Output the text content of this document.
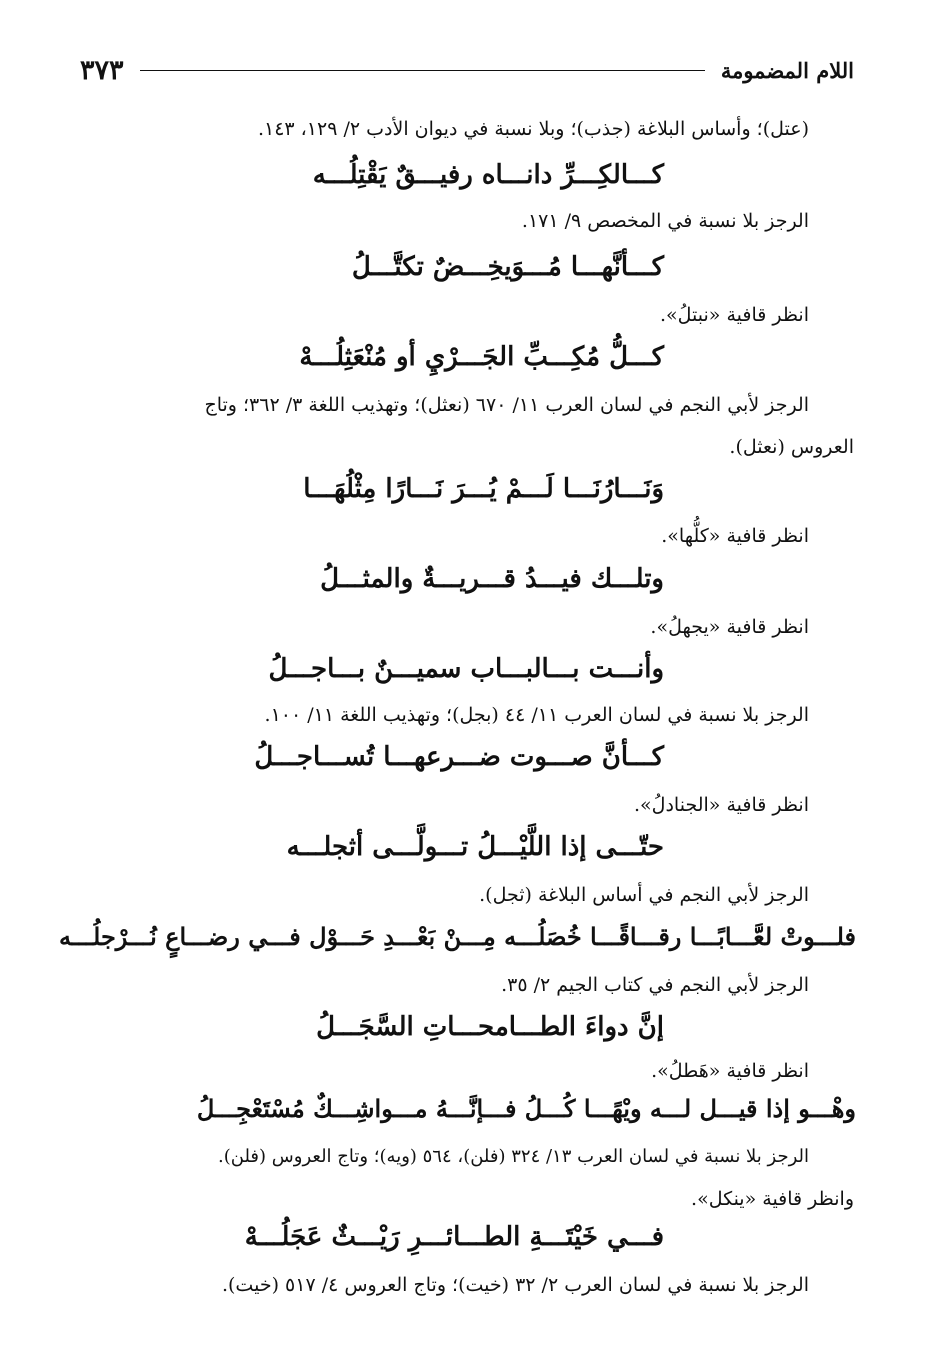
اللام المضمومة
٣٧٣
(عتل)؛ وأساس البلاغة (جذب)؛ وبلا نسبة في ديوان الأدب ٢/ ١٢٩، ١٤٣.
كـــالكِـــرِّ دانـــاه رفيـــقٌ يَقْتِلُـــه
الرجز بلا نسبة في المخصص ٩/ ١٧١.
كـــأنَّهـــا مُـــوَيخِـــضٌ تكتَّـــلُ
انظر قافية «نبتلُ».
كـــلُّ مُكِـــبِّ الجَـــرْيِ أو مُنْعَثِلُـــهْ
الرجز لأبي النجم في لسان العرب ١١/ ٦٧٠ (نعثل)؛ وتهذيب اللغة ٣/ ٣٦٢؛ وتاج
العروس (نعثل).
وَنَـــارُنَـــا لَـــمْ يُـــرَ نَـــارًا مِثْلُهَـــا
انظر قافية «كلُّها».
وتلـــك فيـــدُ قـــريـــةٌ والمثـــلُ
انظر قافية «يجهلُ».
وأنـــت بـــالبـــاب سميـــنٌ بـــاجـــلُ
الرجز بلا نسبة في لسان العرب ١١/ ٤٤ (بجل)؛ وتهذيب اللغة ١١/ ١٠٠.
كـــأنَّ صـــوت ضـــرعهـــا تُســـاجـــلُ
انظر قافية «الجنادلُ».
حتّـــى إذا اللَّيْـــلُ تـــولَّـــى أثجلـــه
الرجز لأبي النجم في أساس البلاغة (ثجل).
فلـــوتْ لعَّـــابًـــا رقـــاقًـــا خُصَلُـــه مِـــنْ بَعْـــدِ حَـــوْل فـــي رضـــاعٍ نُـــرْجلُـــه
الرجز لأبي النجم في كتاب الجيم ٢/ ٣٥.
إنَّ دواءَ الطـــامحـــاتِ السَّجَـــلُ
انظر قافية «هَطلُ».
وهْـــو إذا قيـــل لـــه ويْهًـــا كُـــلُ فـــإنَّـــهُ مـــواشِـــكٌ مُسْتَعْجِـــلُ
الرجز بلا نسبة في لسان العرب ١٣/ ٣٢٤ (فلن)، ٥٦٤ (ويه)؛ وتاج العروس (فلن).
وانظر قافية «ينكل».
فـــي خَيْتَـــةِ الطـــائـــرِ رَيْـــثٌ عَجَلُـــهْ
الرجز بلا نسبة في لسان العرب ٢/ ٣٢ (خيت)؛ وتاج العروس ٤/ ٥١٧ (خيت).
